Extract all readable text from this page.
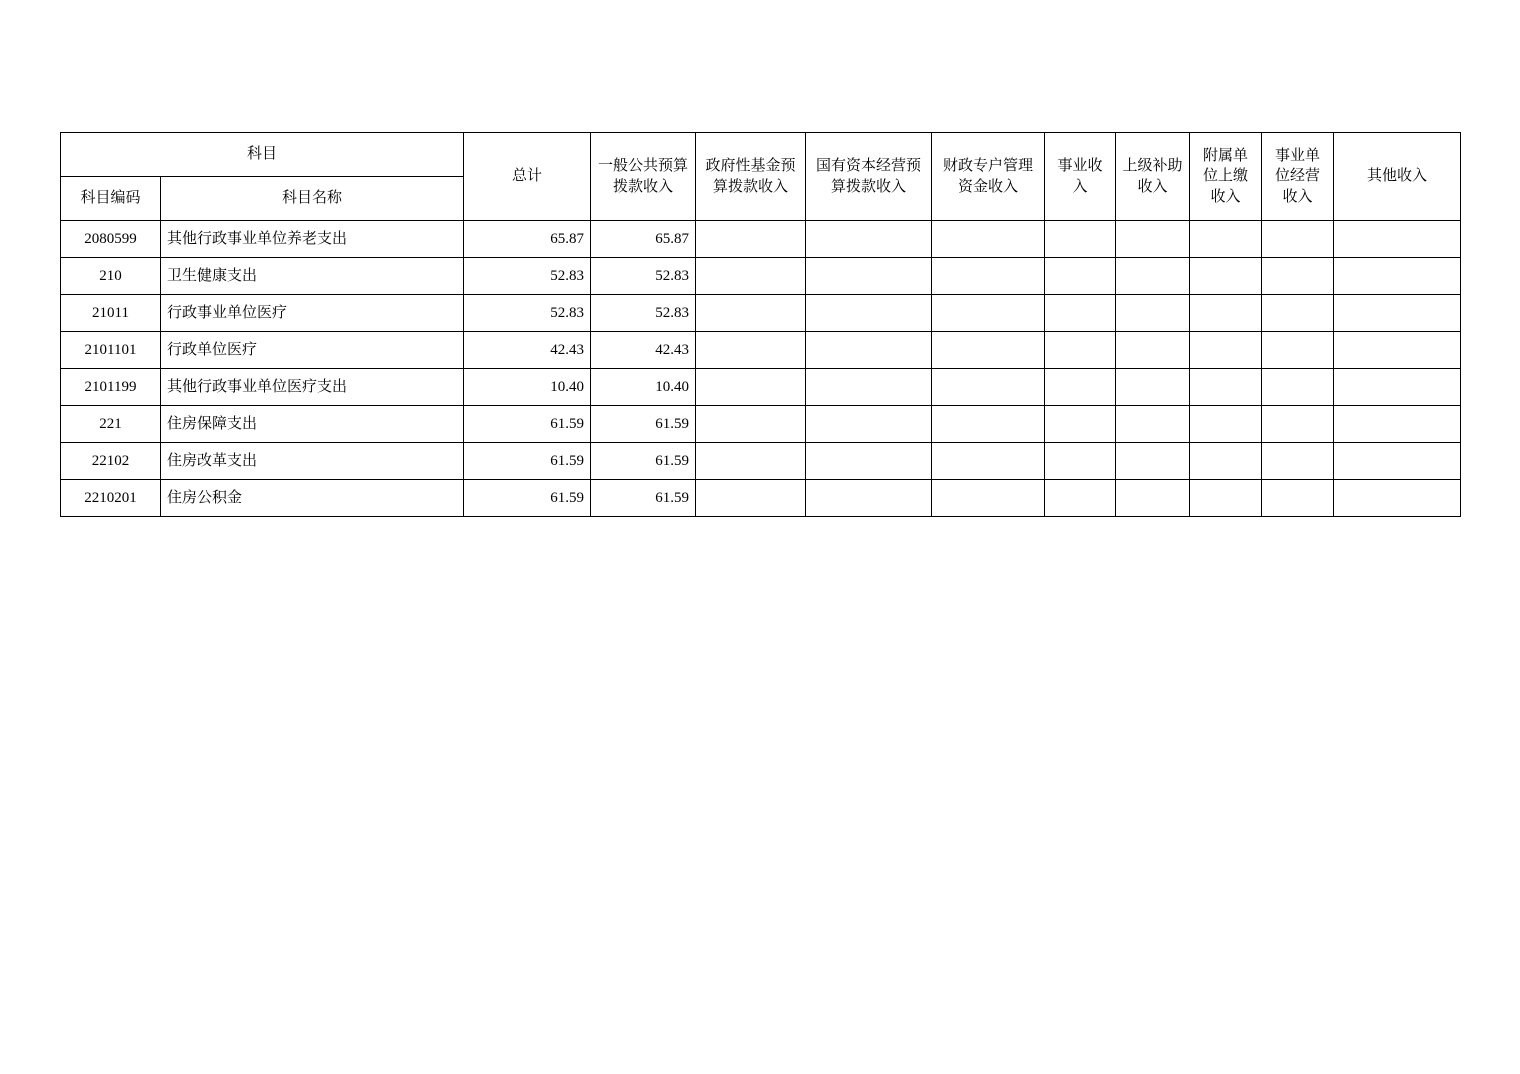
科目		总计	一般公共预算拨款收入	政府性基金预算拨款收入	国有资本经营预算拨款收入	财政专户管理资金收入	事业收入	上级补助收入	附属单位上缴收入	事业单位经营收入	其他收入
科目编码	科目名称										
2080599	其他行政事业单位养老支出	65.87	65.87								
210	卫生健康支出	52.83	52.83								
21011	行政事业单位医疗	52.83	52.83								
2101101	行政单位医疗	42.43	42.43								
2101199	其他行政事业单位医疗支出	10.40	10.40								
221	住房保障支出	61.59	61.59								
22102	住房改革支出	61.59	61.59								
2210201	住房公积金	61.59	61.59								
